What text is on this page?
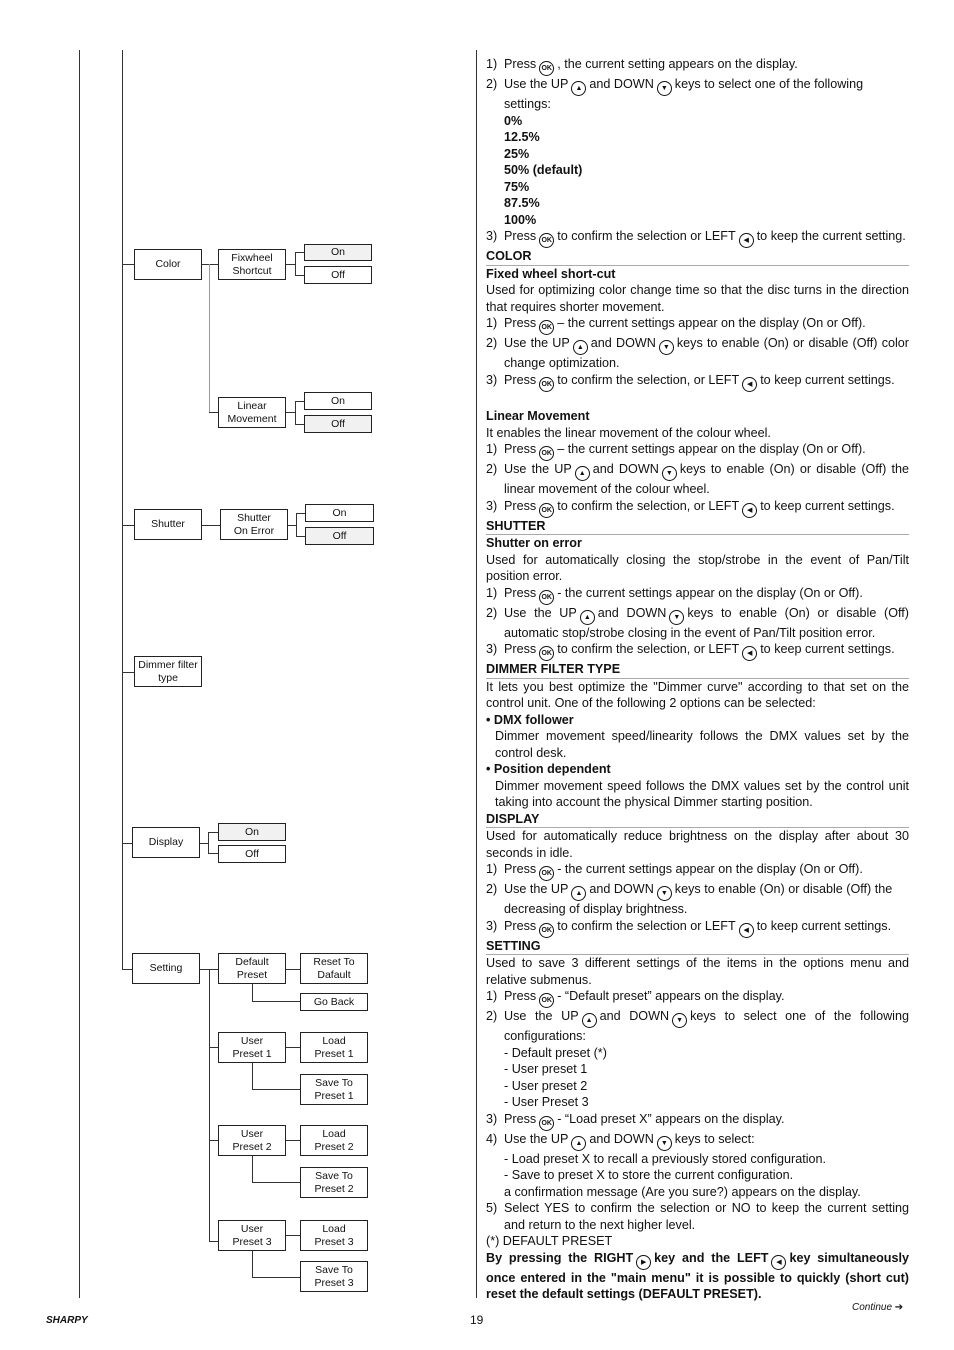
Color
Fixwheel
Shortcut
On
Off
Linear
Movement
On
Off
Shutter
Shutter
On Error
On
Off
Dimmer filter
type
Display
On
Off
Setting
Default
Preset
Reset To
Dafault
Go Back
User
Preset 1
Load
Preset 1
Save To
Preset 1
User
Preset 2
Load
Preset 2
Save To
Preset 2
User
Preset 3
Load
Preset 3
Save To
Preset 3
1) Press OK , the current setting appears on the display.
2) Use the UP ▲ and DOWN ▼ keys to select one of the following settings:
0%
12.5%
25%
50% (default)
75%
87.5%
100%
3) Press OK to confirm the selection or LEFT ◀ to keep the current setting.
COLOR
Fixed wheel short-cut
Used for optimizing color change time so that the disc turns in the direction that requires shorter movement.
1) Press OK – the current settings appear on the display (On or Off).
2) Use the UP ▲ and DOWN ▼ keys to enable (On) or disable (Off) color change optimization.
3) Press OK to confirm the selection, or LEFT ◀ to keep current settings.
Linear Movement
It enables the linear movement of the colour wheel.
1) Press OK – the current settings appear on the display (On or Off).
2) Use the UP ▲ and DOWN ▼ keys to enable (On) or disable (Off) the linear movement of the colour wheel.
3) Press OK to confirm the selection, or LEFT ◀ to keep current settings.
SHUTTER
Shutter on error
Used for automatically closing the stop/strobe in the event of Pan/Tilt position error.
1) Press OK - the current settings appear on the display (On or Off).
2) Use the UP ▲ and DOWN ▼ keys to enable (On) or disable (Off) automatic stop/strobe closing in the event of Pan/Tilt position error.
3) Press OK to confirm the selection, or LEFT ◀ to keep current settings.
DIMMER FILTER TYPE
It lets you best optimize the "Dimmer curve" according to that set on the control unit. One of the following 2 options can be selected:
• DMX follower
Dimmer movement speed/linearity follows the DMX values set by the control desk.
• Position dependent
Dimmer movement speed follows the DMX values set by the control unit taking into account the physical Dimmer starting position.
DISPLAY
Used for automatically reduce brightness on the display after about 30 seconds in idle.
1) Press OK - the current settings appear on the display (On or Off).
2) Use the UP ▲ and DOWN ▼ keys to enable (On) or disable (Off) the decreasing of display brightness.
3) Press OK to confirm the selection or LEFT ◀ to keep current settings.
SETTING
Used to save 3 different settings of the items in the options menu and relative submenus.
1) Press OK - “Default preset” appears on the display.
2) Use the UP ▲ and DOWN ▼ keys to select one of the following configurations:
- Default preset (*)
- User preset 1
- User preset 2
- User Preset 3
3) Press OK - “Load preset X” appears on the display.
4) Use the UP ▲ and DOWN ▼ keys to select:
- Load preset X to recall a previously stored configuration.
- Save to preset X to store the current configuration.
a confirmation message (Are you sure?) appears on the display.
5) Select YES to confirm the selection or NO to keep the current setting and return to the next higher level.
(*) DEFAULT PRESET
By pressing the RIGHT ▶ key and the LEFT ◀ key simultaneously once entered in the "main menu" it is possible to quickly (short cut) reset the default settings (DEFAULT PRESET).
SHARPY	19
Continue ➔
